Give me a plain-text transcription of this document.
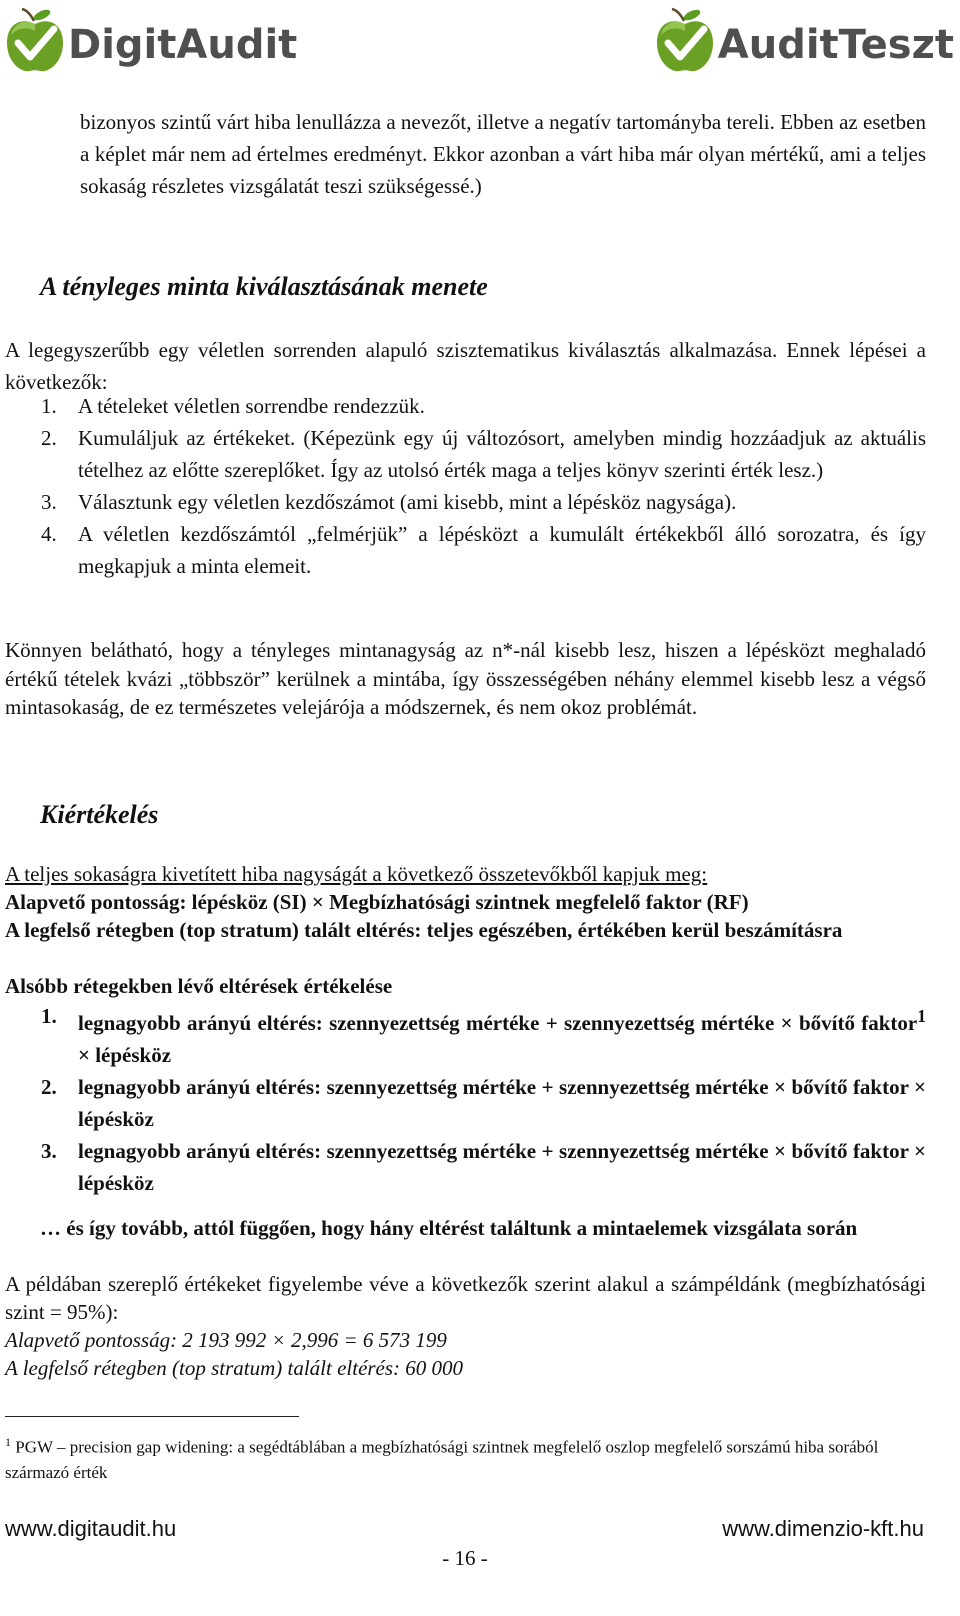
DigitAudit	AuditTeszt

bizonyos szintű várt hiba lenullázza a nevezőt, illetve a negatív tartományba tereli. Ebben az esetben a képlet már nem ad értelmes eredményt. Ekkor azonban a várt hiba már olyan mértékű, ami a teljes sokaság részletes vizsgálatát teszi szükségessé.)

A tényleges minta kiválasztásának menete

A legegyszerűbb egy véletlen sorrenden alapuló szisztematikus kiválasztás alkalmazása. Ennek lépései a következők:

1. A tételeket véletlen sorrendbe rendezzük.
2. Kumuláljuk az értékeket. (Képezünk egy új változósort, amelyben mindig hozzáadjuk az aktuális tételhez az előtte szereplőket. Így az utolsó érték maga a teljes könyv szerinti érték lesz.)
3. Választunk egy véletlen kezdőszámot (ami kisebb, mint a lépésköz nagysága).
4. A véletlen kezdőszámtól „felmérjük” a lépésközt a kumulált értékekből álló sorozatra, és így megkapjuk a minta elemeit.

Könnyen belátható, hogy a tényleges mintanagyság az n*-nál kisebb lesz, hiszen a lépésközt meghaladó értékű tételek kvázi „többször” kerülnek a mintába, így összességében néhány elemmel kisebb lesz a végső mintasokaság, de ez természetes velejárója a módszernek, és nem okoz problémát.

Kiértékelés

A teljes sokaságra kivetített hiba nagyságát a következő összetevőkből kapjuk meg:

Alapvető pontosság: lépésköz (SI) × Megbízhatósági szintnek megfelelő faktor (RF)

A legfelső rétegben (top stratum) talált eltérés: teljes egészében, értékében kerül beszámításra

Alsóbb rétegekben lévő eltérések értékelése

1. legnagyobb arányú eltérés: szennyezettség mértéke + szennyezettség mértéke × bővítő faktor$^1$ × lépésköz
2. legnagyobb arányú eltérés: szennyezettség mértéke + szennyezettség mértéke × bővítő faktor × lépésköz
3. legnagyobb arányú eltérés: szennyezettség mértéke + szennyezettség mértéke × bővítő faktor × lépésköz

… és így tovább, attól függően, hogy hány eltérést találtunk a mintaelemek vizsgálata során

A példában szereplő értékeket figyelembe véve a következők szerint alakul a számpéldánk (megbízhatósági szint = 95%):

Alapvető pontosság: 2 193 992 × 2,996 = 6 573 199

A legfelső rétegben (top stratum) talált eltérés: 60 000

$^1$ PGW – precision gap widening: a segédtáblában a megbízhatósági szintnek megfelelő oszlop megfelelő sorszámú hiba sorából származó érték
www.digitaudit.hu	www.dimenzio-kft.hu
- 16 -
